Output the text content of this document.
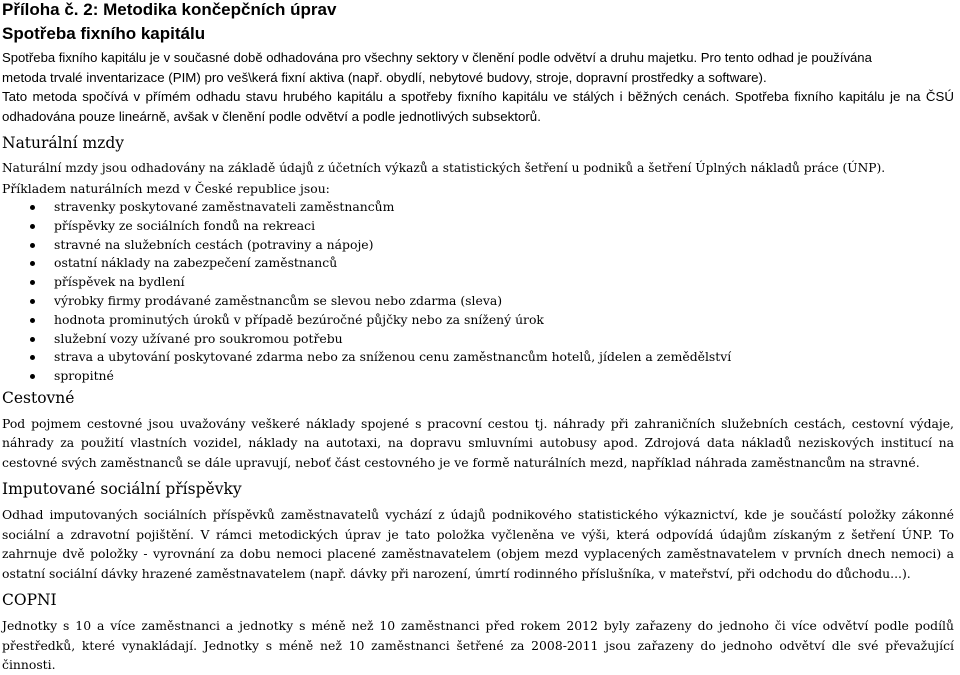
Příloha č. 2: Metodika končepčních úprav
Spotřeba fixního kapitálu

Spotřeba fixního kapitálu je v současné době odhadována pro všechny sektory v členění podle odvětví a druhu majetku. Pro tento odhad je používána

metoda trvalé inventarizace (PIM) pro veš\kerá fixní aktiva (např. obydlí, nebytové budovy, stroje, dopravní prostředky a software).

Tato metoda spočívá v přímém odhadu stavu hrubého kapitálu a spotřeby fixního kapitálu ve stálých i běžných cenách. Spotřeba fixního kapitálu je na ČSÚ odhadována pouze lineárně, avšak v členění podle odvětví a podle jednotlivých subsektorů.

Naturální mzdy

Naturální mzdy jsou odhadovány na základě údajů z účetních výkazů a statistických šetření u podniků a šetření Úplných nákladů práce (ÚNP).

Příkladem naturálních mezd v České republice jsou:

stravenky poskytované zaměstnavateli zaměstnancům
příspěvky ze sociálních fondů na rekreaci
stravné na služebních cestách (potraviny a nápoje)
ostatní náklady na zabezpečení zaměstnanců
příspěvek na bydlení
výrobky firmy prodávané zaměstnancům se slevou nebo zdarma (sleva)
hodnota prominutých úroků v případě bezúročné půjčky nebo za snížený úrok
služební vozy užívané pro soukromou potřebu
strava a ubytování poskytované zdarma nebo za sníženou cenu zaměstnancům hotelů, jídelen a zemědělství
spropitné
Cestovné

Pod pojmem cestovné jsou uvažovány veškeré náklady spojené s pracovní cestou tj. náhrady při zahraničních služebních cestách, cestovní výdaje, náhrady za použití vlastních vozidel, náklady na autotaxi, na dopravu smluvními autobusy apod. Zdrojová data nákladů neziskových institucí na cestovné svých zaměstnanců se dále upravují, neboť část cestovného je ve formě naturálních mezd, například náhrada zaměstnancům na stravné.

Imputované sociální příspěvky

Odhad imputovaných sociálních příspěvků zaměstnavatelů vychází z údajů podnikového statistického výkaznictví, kde je součástí položky zákonné sociální a zdravotní pojištění. V rámci metodických úprav je tato položka vyčleněna ve výši, která odpovídá údajům získaným z šetření ÚNP. To zahrnuje dvě položky - vyrovnání za dobu nemoci placené zaměstnavatelem (objem mezd vyplacených zaměstnavatelem v prvních dnech nemoci) a ostatní sociální dávky hrazené zaměstnavatelem (např. dávky při narození, úmrtí rodinného příslušníka, v mateřství, při odchodu do důchodu...).

COPNI

Jednotky s 10 a více zaměstnanci a jednotky s méně než 10 zaměstnanci před rokem 2012 byly zařazeny do jednoho či více odvětví podle podílů přestředků, které vynakládají. Jednotky s méně než 10 zaměstnanci šetřené za 2008-2011 jsou zařazeny do jednoho odvětví dle své převažující činnosti.
